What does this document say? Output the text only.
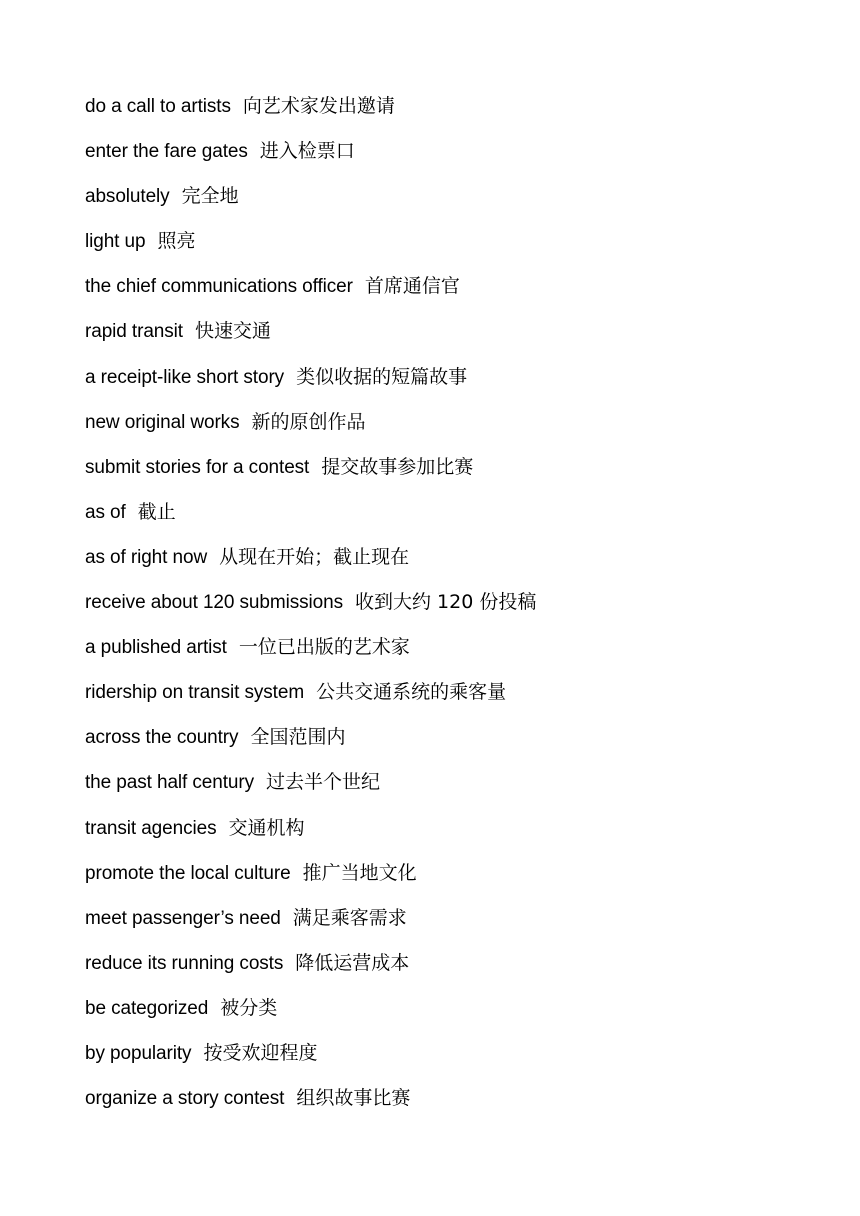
do a call to artists 向艺术家发出邀请
enter the fare gates 进入检票口
absolutely 完全地
light up 照亮
the chief communications officer 首席通信官
rapid transit 快速交通
a receipt-like short story 类似收据的短篇故事
new original works 新的原创作品
submit stories for a contest 提交故事参加比赛
as of 截止
as of right now 从现在开始；截止现在
receive about 120 submissions 收到大约 120 份投稿
a published artist 一位已出版的艺术家
ridership on transit system 公共交通系统的乘客量
across the country 全国范围内
the past half century 过去半个世纪
transit agencies 交通机构
promote the local culture 推广当地文化
meet passenger’s need 满足乘客需求
reduce its running costs 降低运营成本
be categorized 被分类
by popularity 按受欢迎程度
organize a story contest 组织故事比赛
